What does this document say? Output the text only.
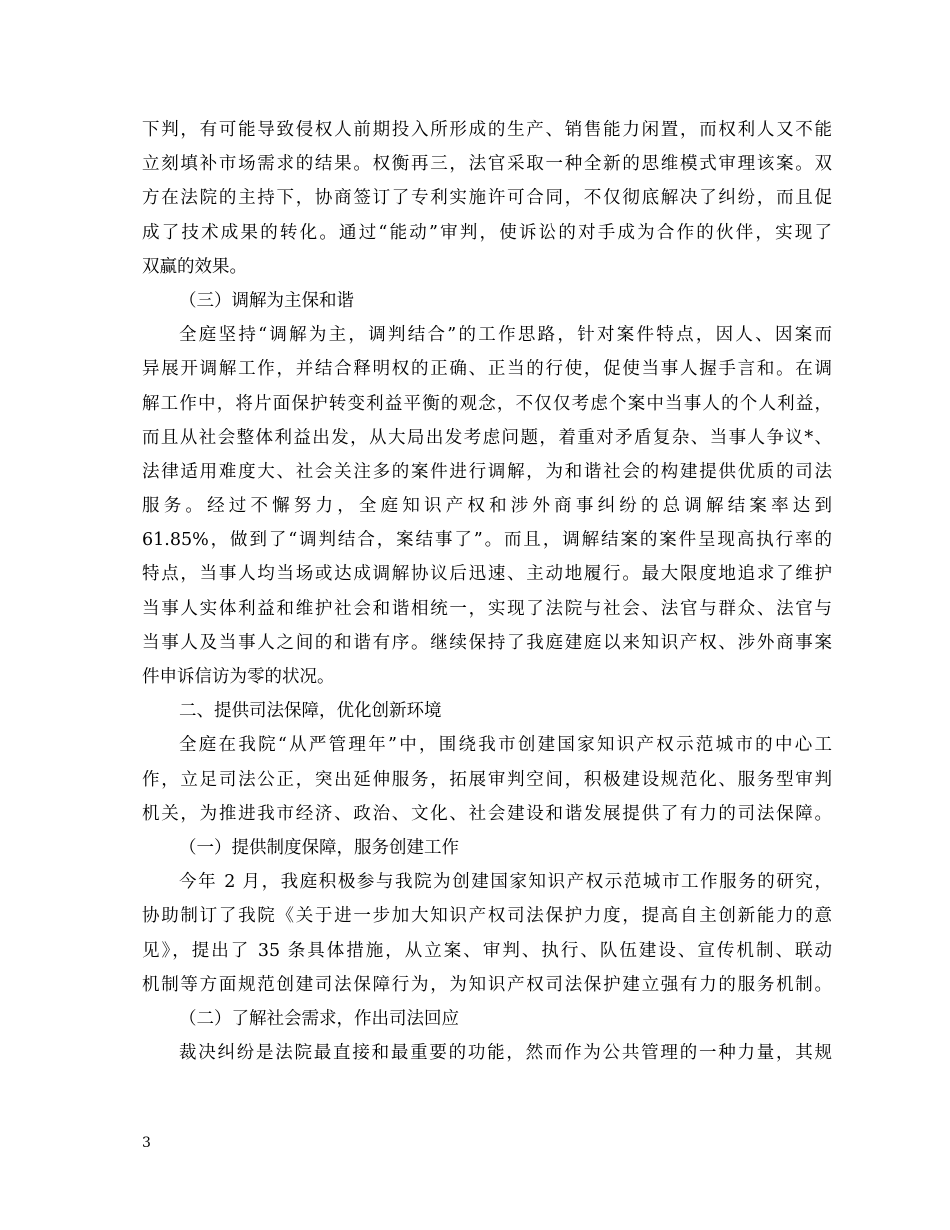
下判，有可能导致侵权人前期投入所形成的生产、销售能力闲置，而权利人又不能
立刻填补市场需求的结果。权衡再三，法官采取一种全新的思维模式审理该案。双
方在法院的主持下，协商签订了专利实施许可合同，不仅彻底解决了纠纷，而且促
成了技术成果的转化。通过“能动”审判，使诉讼的对手成为合作的伙伴，实现了
双赢的效果。
（三）调解为主保和谐
全庭坚持“调解为主，调判结合”的工作思路，针对案件特点，因人、因案而
异展开调解工作，并结合释明权的正确、正当的行使，促使当事人握手言和。在调
解工作中，将片面保护转变利益平衡的观念，不仅仅考虑个案中当事人的个人利益，
而且从社会整体利益出发，从大局出发考虑问题，着重对矛盾复杂、当事人争议*、
法律适用难度大、社会关注多的案件进行调解，为和谐社会的构建提供优质的司法
服务。经过不懈努力，全庭知识产权和涉外商事纠纷的总调解结案率达到
61.85%，做到了“调判结合，案结事了”。而且，调解结案的案件呈现高执行率的
特点，当事人均当场或达成调解协议后迅速、主动地履行。最大限度地追求了维护
当事人实体利益和维护社会和谐相统一，实现了法院与社会、法官与群众、法官与
当事人及当事人之间的和谐有序。继续保持了我庭建庭以来知识产权、涉外商事案
件申诉信访为零的状况。
二、提供司法保障，优化创新环境
全庭在我院“从严管理年”中，围绕我市创建国家知识产权示范城市的中心工
作，立足司法公正，突出延伸服务，拓展审判空间，积极建设规范化、服务型审判
机关，为推进我市经济、政治、文化、社会建设和谐发展提供了有力的司法保障。
（一）提供制度保障，服务创建工作
今年 2 月，我庭积极参与我院为创建国家知识产权示范城市工作服务的研究，
协助制订了我院《关于进一步加大知识产权司法保护力度，提高自主创新能力的意
见》，提出了 35 条具体措施，从立案、审判、执行、队伍建设、宣传机制、联动
机制等方面规范创建司法保障行为，为知识产权司法保护建立强有力的服务机制。
（二）了解社会需求，作出司法回应
裁决纠纷是法院最直接和最重要的功能，然而作为公共管理的一种力量，其规
3
